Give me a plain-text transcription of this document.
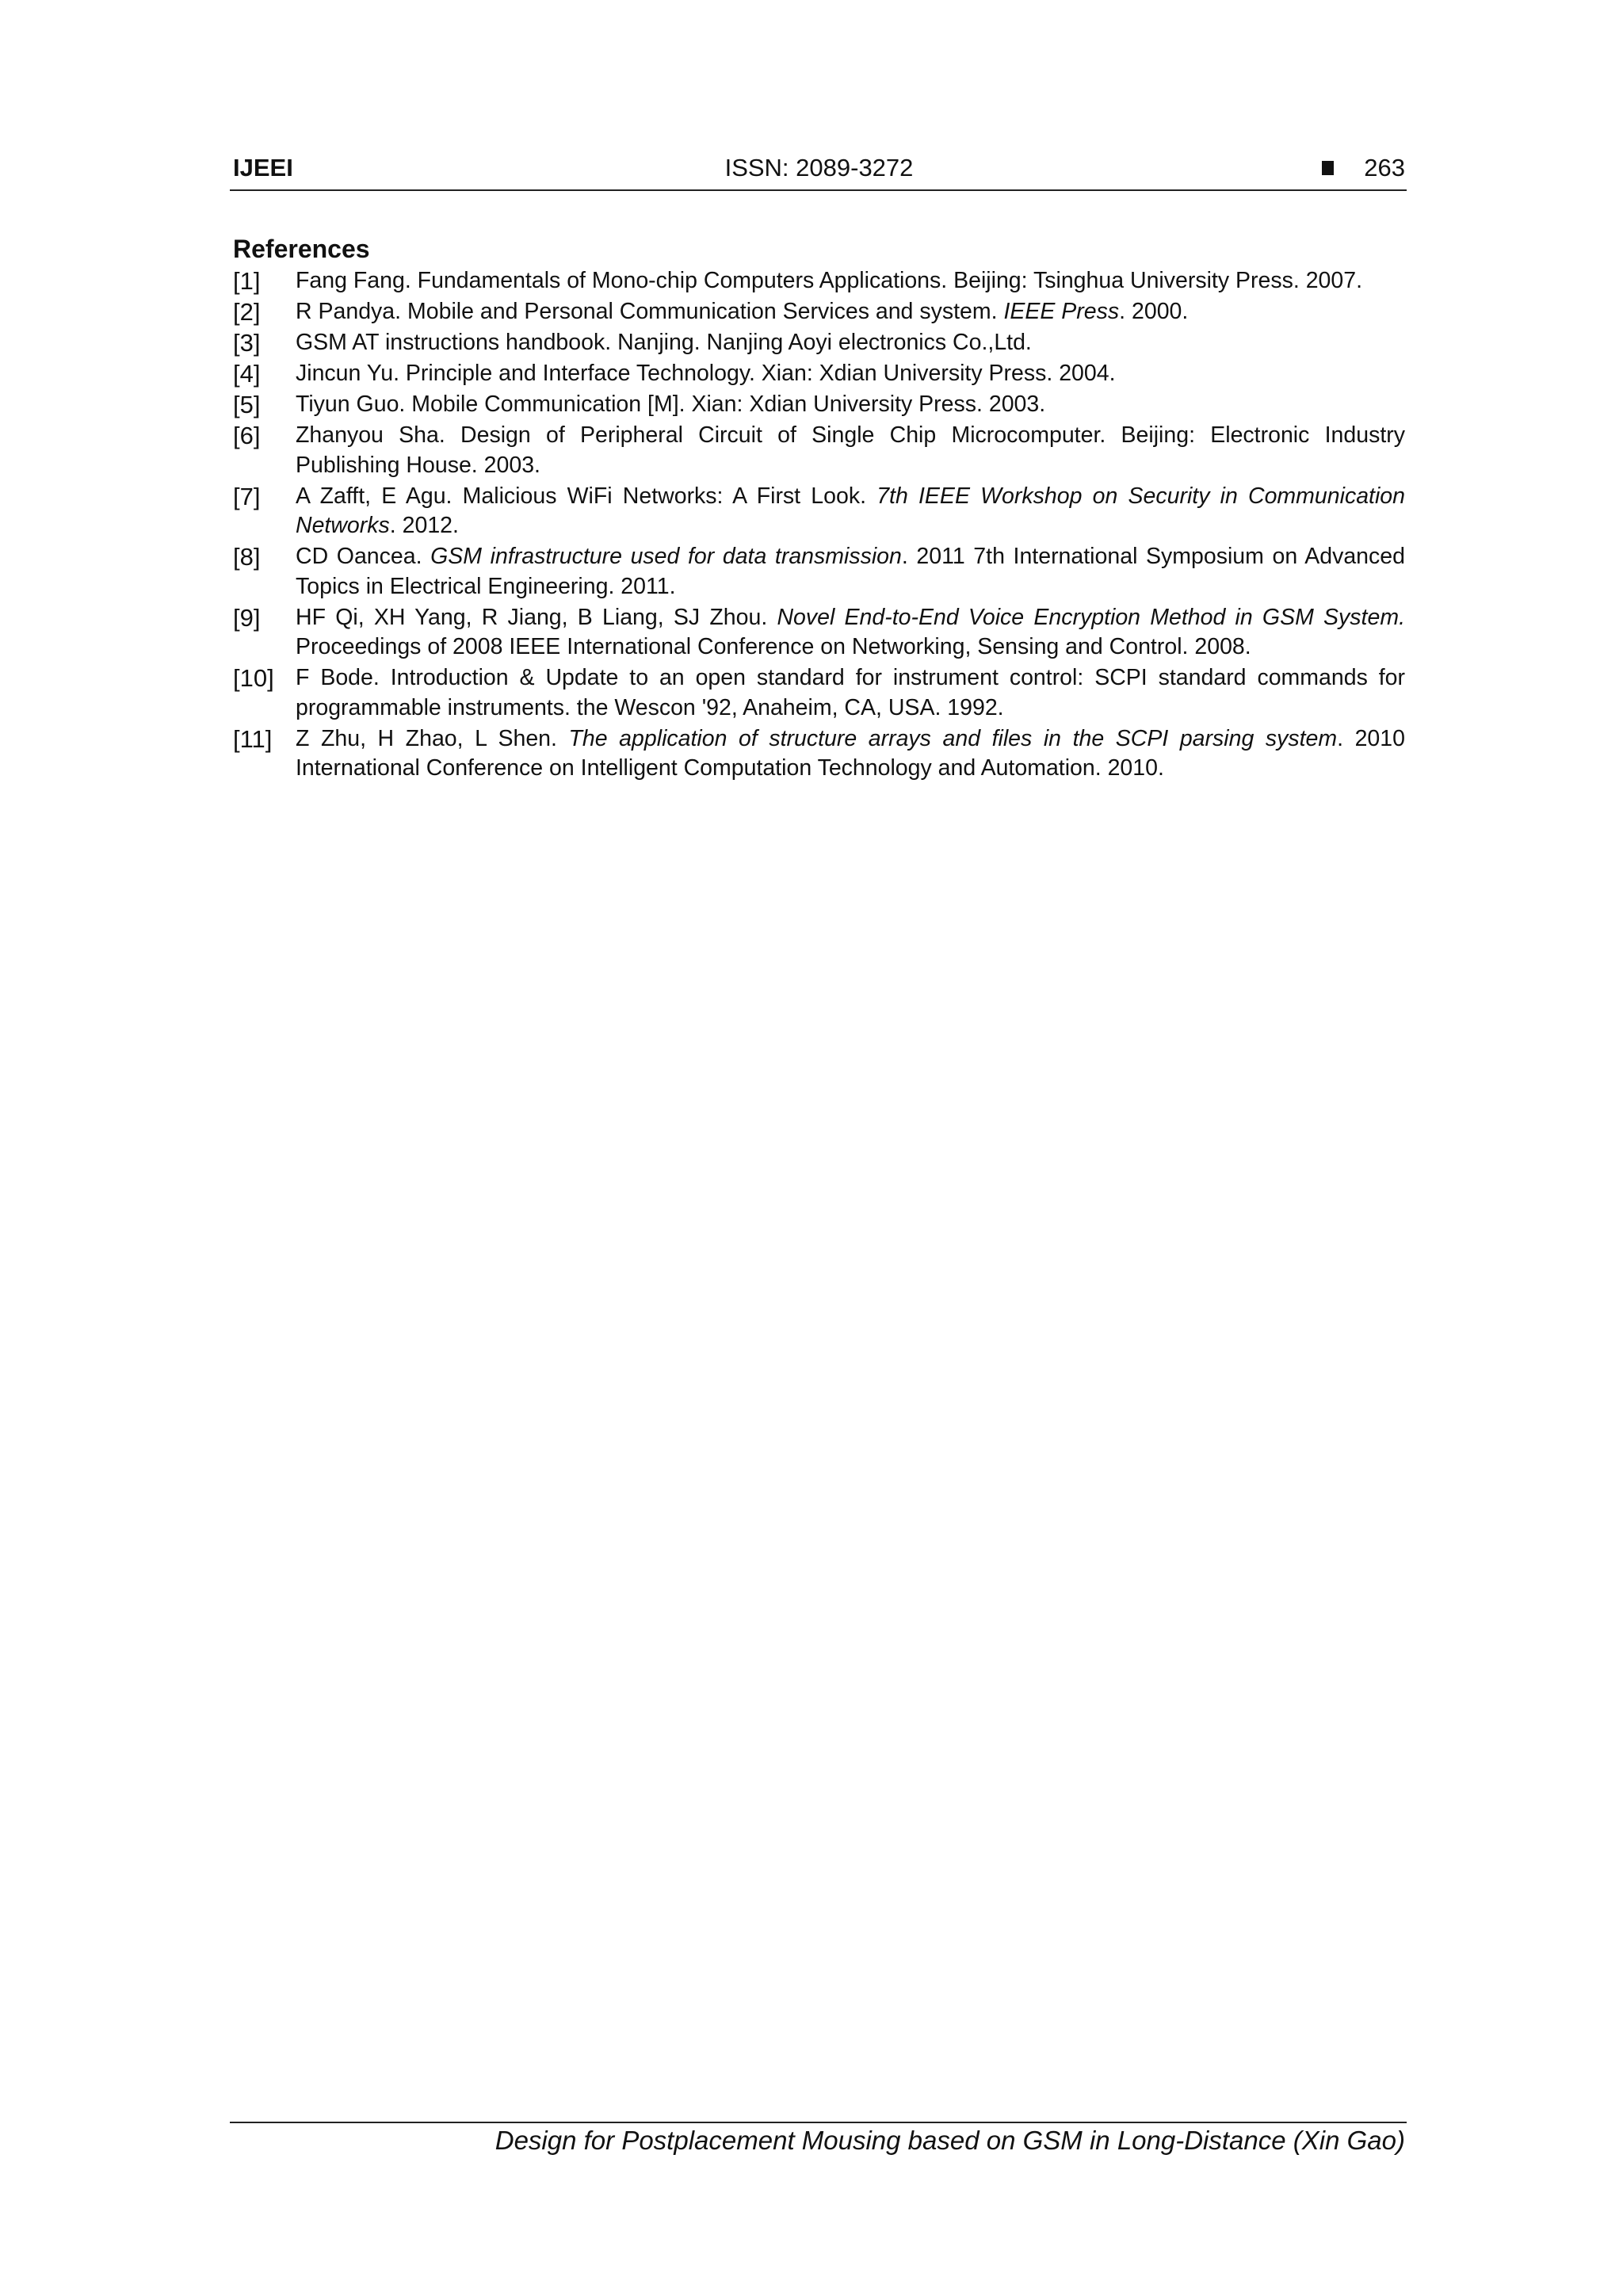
IJEEI	ISSN: 2089-3272	263
References
[1] Fang Fang. Fundamentals of Mono-chip Computers Applications. Beijing: Tsinghua University Press. 2007.
[2] R Pandya. Mobile and Personal Communication Services and system. IEEE Press. 2000.
[3] GSM AT instructions handbook. Nanjing. Nanjing Aoyi electronics Co.,Ltd.
[4] Jincun Yu. Principle and Interface Technology. Xian: Xdian University Press. 2004.
[5] Tiyun Guo. Mobile Communication [M]. Xian: Xdian University Press. 2003.
[6] Zhanyou Sha. Design of Peripheral Circuit of Single Chip Microcomputer. Beijing: Electronic Industry Publishing House. 2003.
[7] A Zafft, E Agu. Malicious WiFi Networks: A First Look. 7th IEEE Workshop on Security in Communication Networks. 2012.
[8] CD Oancea. GSM infrastructure used for data transmission. 2011 7th International Symposium on Advanced Topics in Electrical Engineering. 2011.
[9] HF Qi, XH Yang, R Jiang, B Liang, SJ Zhou. Novel End-to-End Voice Encryption Method in GSM System. Proceedings of 2008 IEEE International Conference on Networking, Sensing and Control. 2008.
[10] F Bode. Introduction & Update to an open standard for instrument control: SCPI standard commands for programmable instruments. the Wescon '92, Anaheim, CA, USA. 1992.
[11] Z Zhu, H Zhao, L Shen. The application of structure arrays and files in the SCPI parsing system. 2010 International Conference on Intelligent Computation Technology and Automation. 2010.
Design for Postplacement Mousing based on GSM in Long-Distance (Xin Gao)
